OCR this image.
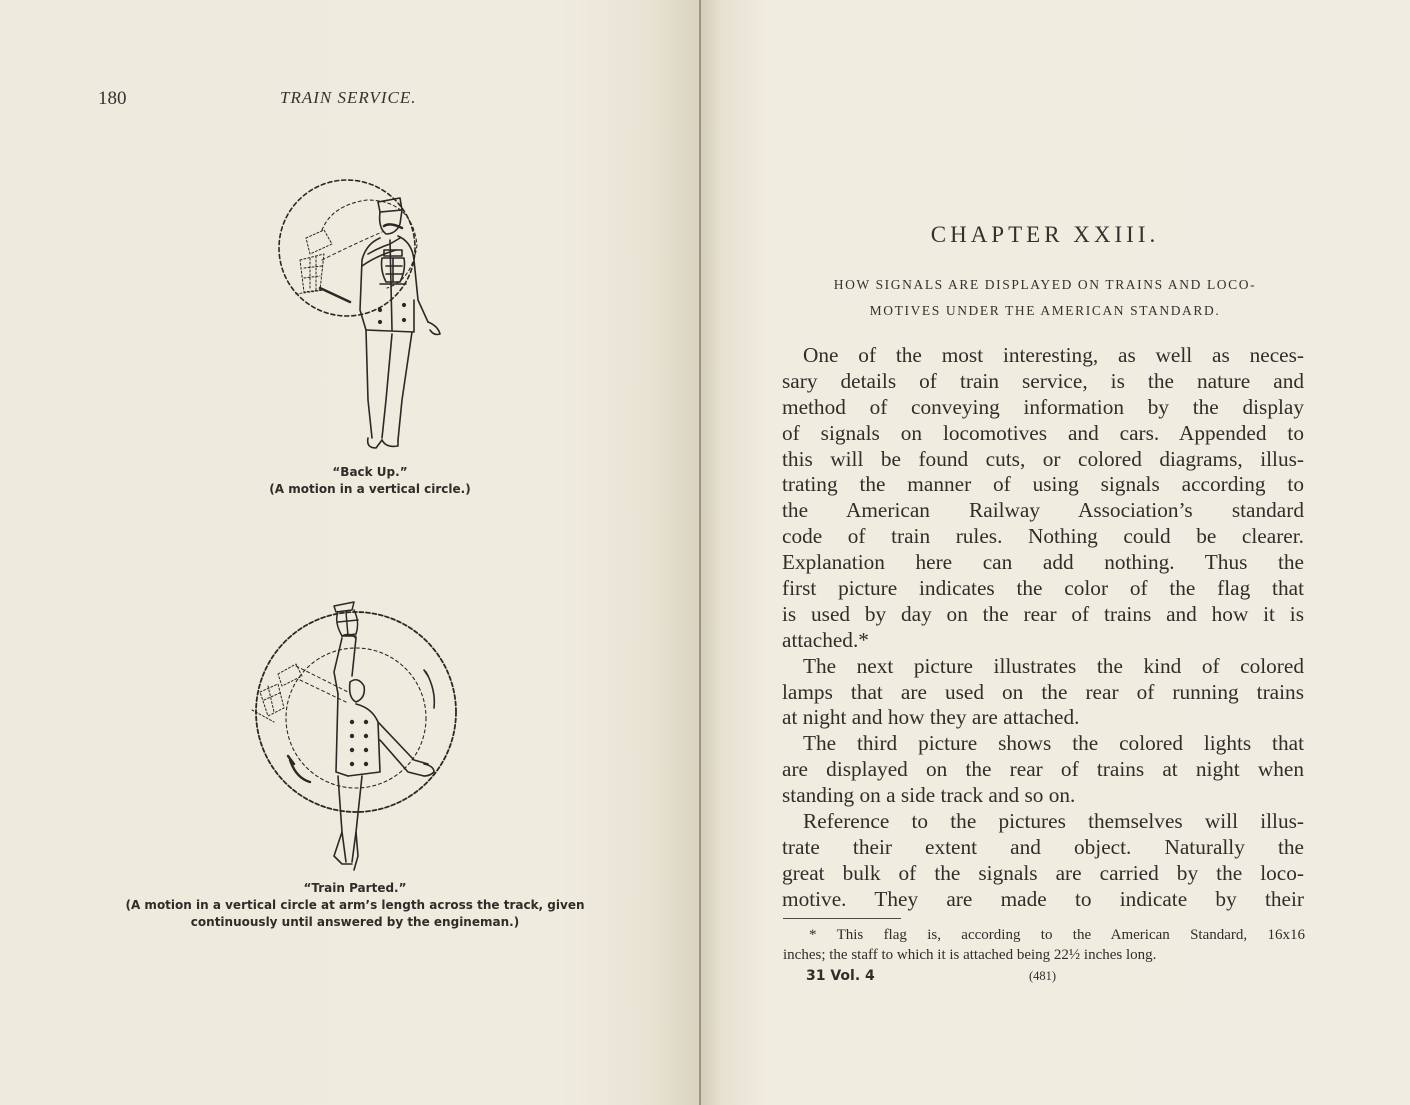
180	TRAIN SERVICE.
“Back Up.”
(A motion in a vertical circle.)
“Train Parted.”
(A motion in a vertical circle at arm’s length across the track, given
continuously until answered by the engineman.)
CHAPTER XXIII.
HOW SIGNALS ARE DISPLAYED ON TRAINS AND LOCO-
MOTIVES UNDER THE AMERICAN STANDARD.
One of the most interesting, as well as neces-
sary details of train service, is the nature and
method of conveying information by the display
of signals on locomotives and cars. Appended to
this will be found cuts, or colored diagrams, illus-
trating the manner of using signals according to
the American Railway Association’s standard
code of train rules. Nothing could be clearer.
Explanation here can add nothing. Thus the
first picture indicates the color of the flag that
is used by day on the rear of trains and how it is
attached.*
The next picture illustrates the kind of colored
lamps that are used on the rear of running trains
at night and how they are attached.
The third picture shows the colored lights that
are displayed on the rear of trains at night when
standing on a side track and so on.
Reference to the pictures themselves will illus-
trate their extent and object. Naturally the
great bulk of the signals are carried by the loco-
motive. They are made to indicate by their
* This flag is, according to the American Standard, 16x16
inches; the staff to which it is attached being 22½ inches long.
31 Vol. 4	(481)
